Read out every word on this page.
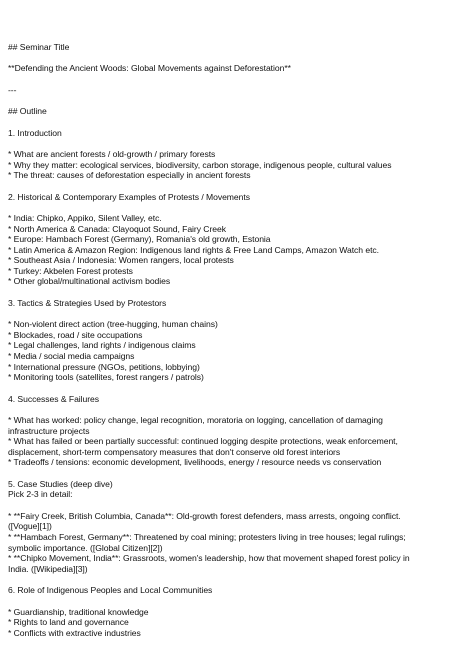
## Seminar Title
**Defending the Ancient Woods: Global Movements against Deforestation**
---
## Outline
1. Introduction
* What are ancient forests / old-growth / primary forests
* Why they matter: ecological services, biodiversity, carbon storage, indigenous people, cultural values
* The threat: causes of deforestation especially in ancient forests
2. Historical & Contemporary Examples of Protests / Movements
* India: Chipko, Appiko, Silent Valley, etc.
* North America & Canada: Clayoquot Sound, Fairy Creek
* Europe: Hambach Forest (Germany), Romania's old growth, Estonia
* Latin America & Amazon Region: Indigenous land rights & Free Land Camps, Amazon Watch etc.
* Southeast Asia / Indonesia: Women rangers, local protests
* Turkey: Akbelen Forest protests
* Other global/multinational activism bodies
3. Tactics & Strategies Used by Protestors
* Non-violent direct action (tree-hugging, human chains)
* Blockades, road / site occupations
* Legal challenges, land rights / indigenous claims
* Media / social media campaigns
* International pressure (NGOs, petitions, lobbying)
* Monitoring tools (satellites, forest rangers / patrols)
4. Successes & Failures
* What has worked: policy change, legal recognition, moratoria on logging, cancellation of damaging
infrastructure projects
* What has failed or been partially successful: continued logging despite protections, weak enforcement,
displacement, short-term compensatory measures that don't conserve old forest interiors
* Tradeoffs / tensions: economic development, livelihoods, energy / resource needs vs conservation
5. Case Studies (deep dive)
Pick 2-3 in detail:
* **Fairy Creek, British Columbia, Canada**: Old-growth forest defenders, mass arrests, ongoing conflict.
([Vogue][1])
* **Hambach Forest, Germany**: Threatened by coal mining; protesters living in tree houses; legal rulings;
symbolic importance. ([Global Citizen][2])
* **Chipko Movement, India**: Grassroots, women's leadership, how that movement shaped forest policy in
India. ([Wikipedia][3])
6. Role of Indigenous Peoples and Local Communities
* Guardianship, traditional knowledge
* Rights to land and governance
* Conflicts with extractive industries
